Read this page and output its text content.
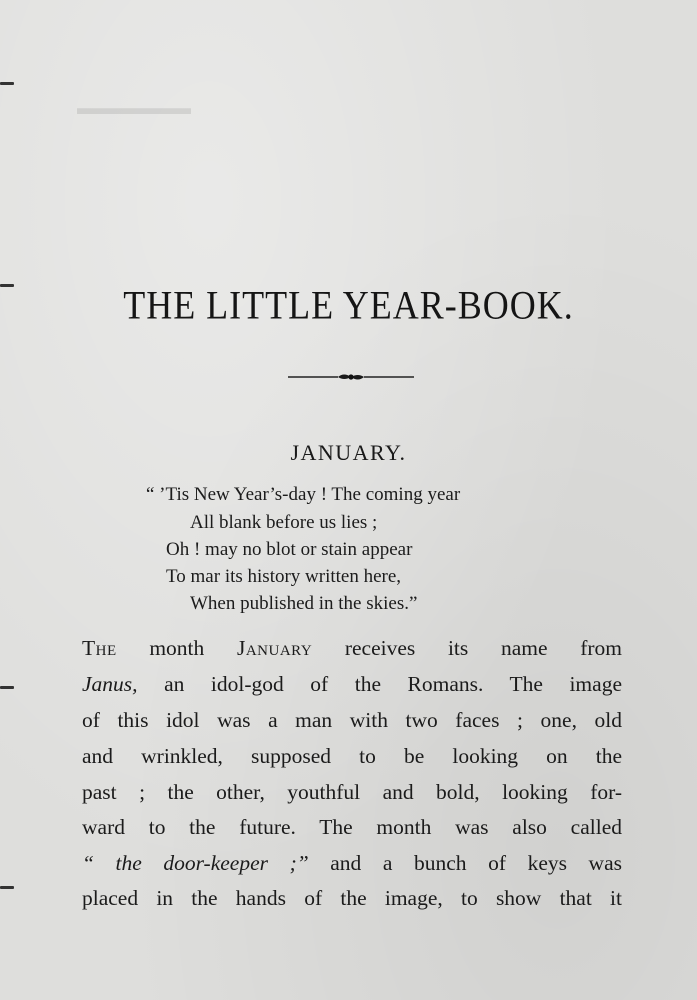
▬▬▬▬▬▬
THE LITTLE YEAR-BOOK.
JANUARY.
“ ’Tis New Year’s-day ! The coming year
All blank before us lies ;
Oh ! may no blot or stain appear
To mar its history written here,
When published in the skies.”
The month January receives its name from
Janus, an idol-god of the Romans. The image
of this idol was a man with two faces ; one, old
and wrinkled, supposed to be looking on the
past ; the other, youthful and bold, looking for-
ward to the future. The month was also called
“ the door-keeper ;” and a bunch of keys was
placed in the hands of the image, to show that it
